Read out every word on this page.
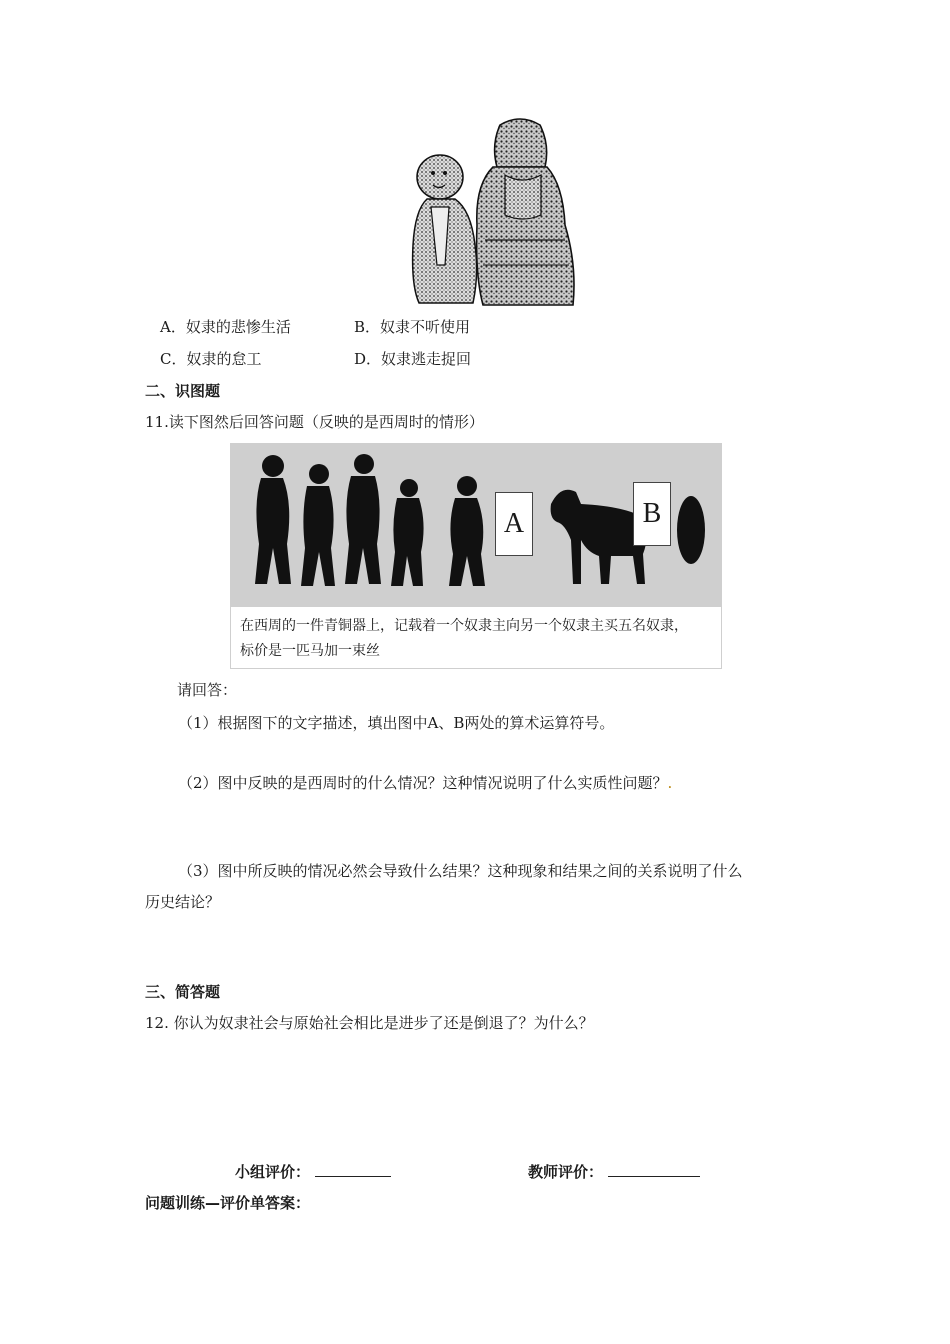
A．奴隶的悲惨生活	B．奴隶不听使用
C．奴隶的怠工	D．奴隶逃走捉回
二、识图题
11.读下图然后回答问题（反映的是西周时的情形）
A	B
在西周的一件青铜器上，记载着一个奴隶主向另一个奴隶主买五名奴隶，
标价是一匹马加一束丝
请回答：
（1）根据图下的文字描述，填出图中A、B两处的算术运算符号。
（2）图中反映的是西周时的什么情况？这种情况说明了什么实质性问题？.
（3）图中所反映的情况必然会导致什么结果？这种现象和结果之间的关系说明了什么
历史结论？
三、简答题
12. 你认为奴隶社会与原始社会相比是进步了还是倒退了？为什么？
小组评价：	教师评价：
问题训练—评价单答案：
